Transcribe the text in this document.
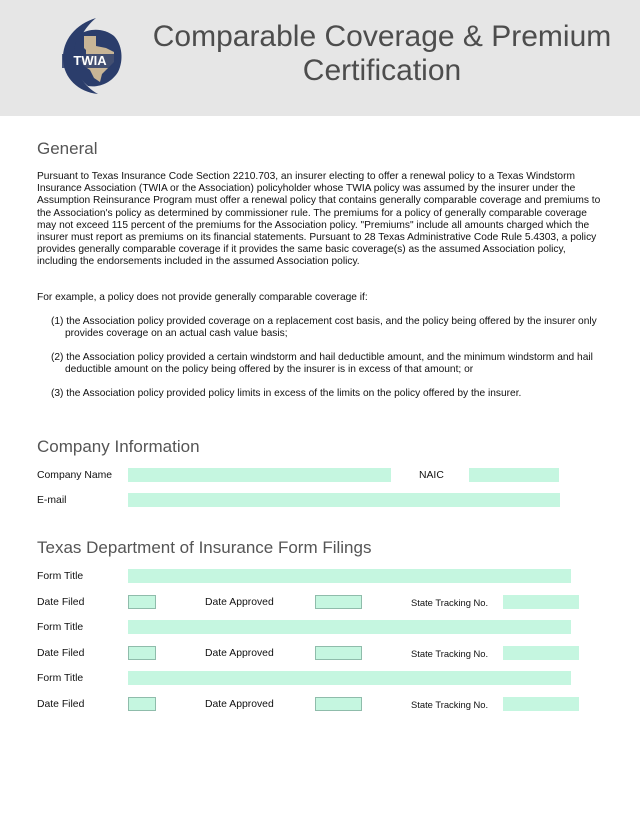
TWIA
Comparable Coverage & Premium Certification
General
Pursuant to Texas Insurance Code Section 2210.703, an insurer electing to offer a renewal policy to a Texas Windstorm Insurance Association (TWIA or the Association) policyholder whose TWIA policy was assumed by the insurer under the Assumption Reinsurance Program must offer a renewal policy that contains generally comparable coverage and premiums to the Association's policy as determined by commissioner rule. The premiums for a policy of generally comparable coverage may not exceed 115 percent of the premiums for the Association policy. "Premiums" include all amounts charged which the insurer must report as premiums on its financial statements. Pursuant to 28 Texas Administrative Code Rule 5.4303, a policy provides generally comparable coverage if it provides the same basic coverage(s) as the assumed Association policy, including the endorsements included in the assumed Association policy.
For example, a policy does not provide generally comparable coverage if:
(1) the Association policy provided coverage on a replacement cost basis, and the policy being offered by the insurer only provides coverage on an actual cash value basis;
(2) the Association policy provided a certain windstorm and hail deductible amount, and the minimum windstorm and hail deductible amount on the policy being offered by the insurer is in excess of that amount; or
(3) the Association policy provided policy limits in excess of the limits on the policy offered by the insurer.
Company Information
Company Name	NAIC
E-mail
Texas Department of Insurance Form Filings
Form Title
Date Filed	Date Approved	State Tracking No.
Form Title
Date Filed	Date Approved	State Tracking No.
Form Title
Date Filed	Date Approved	State Tracking No.
